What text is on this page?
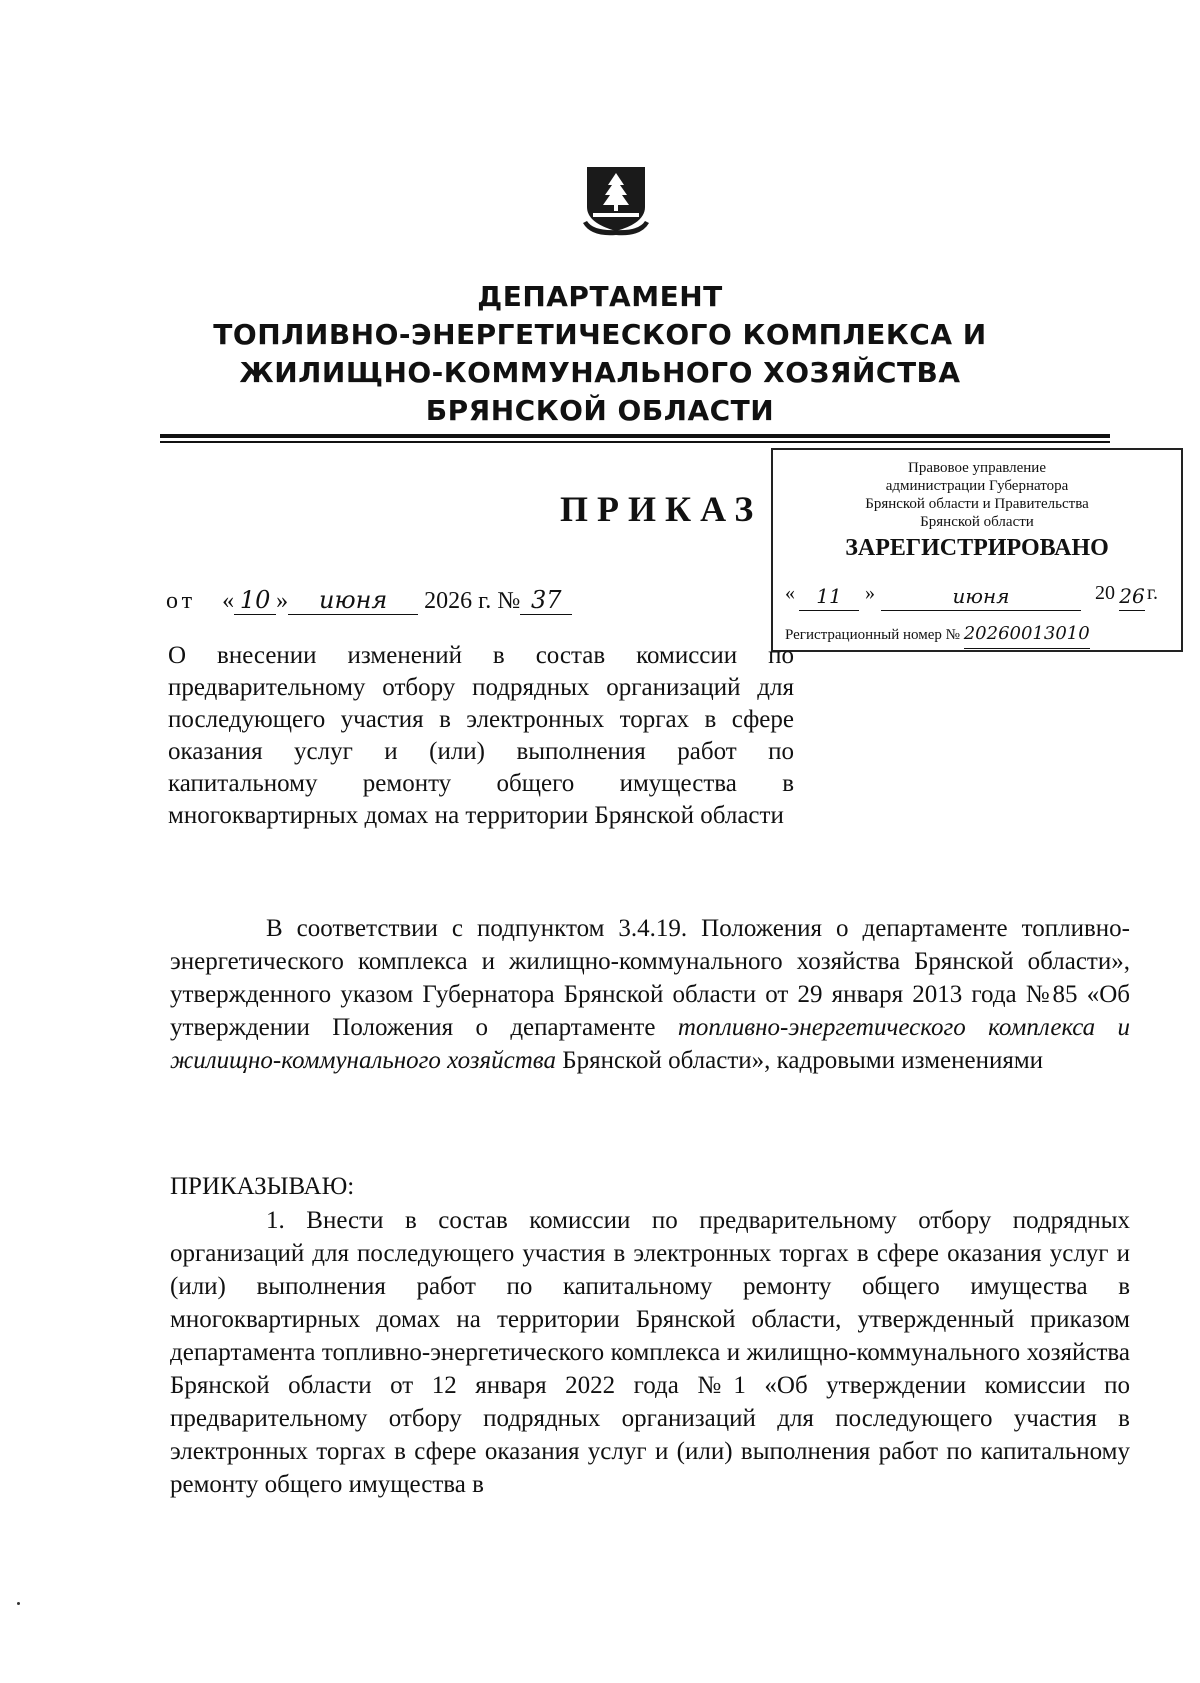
ДЕПАРТАМЕНТ
ТОПЛИВНО-ЭНЕРГЕТИЧЕСКОГО КОМПЛЕКСА И
ЖИЛИЩНО-КОММУНАЛЬНОГО ХОЗЯЙСТВА
БРЯНСКОЙ ОБЛАСТИ
ПРИКАЗ
Правовое управление
администрации Губернатора
Брянской области и Правительства
Брянской области
ЗАРЕГИСТРИРОВАНО
«	11	»	июня	20 26 г.
Регистрационный номер № 20260013010
от « 10 » июня 2026 г. № 37
О внесении изменений в состав комиссии по предварительному отбору подрядных организаций для последующего участия в электронных торгах в сфере оказания услуг и (или) выполнения работ по капитальному ремонту общего имущества в многоквартирных домах на территории Брянской области
В соответствии с подпунктом 3.4.19. Положения о департаменте топливно-энергетического комплекса и жилищно-коммунального хозяйства Брянской области», утвержденного указом Губернатора Брянской области от 29 января 2013 года №85 «Об утверждении Положения о департаменте топливно-энергетического комплекса и жилищно-коммунального хозяйства Брянской области», кадровыми изменениями
ПРИКАЗЫВАЮ:
1. Внести в состав комиссии по предварительному отбору подрядных организаций для последующего участия в электронных торгах в сфере оказания услуг и (или) выполнения работ по капитальному ремонту общего имущества в многоквартирных домах на территории Брянской области, утвержденный приказом департамента топливно-энергетического комплекса и жилищно-коммунального хозяйства Брянской области от 12 января 2022 года №1 «Об утверждении комиссии по предварительному отбору подрядных организаций для последующего участия в электронных торгах в сфере оказания услуг и (или) выполнения работ по капитальному ремонту общего имущества в
